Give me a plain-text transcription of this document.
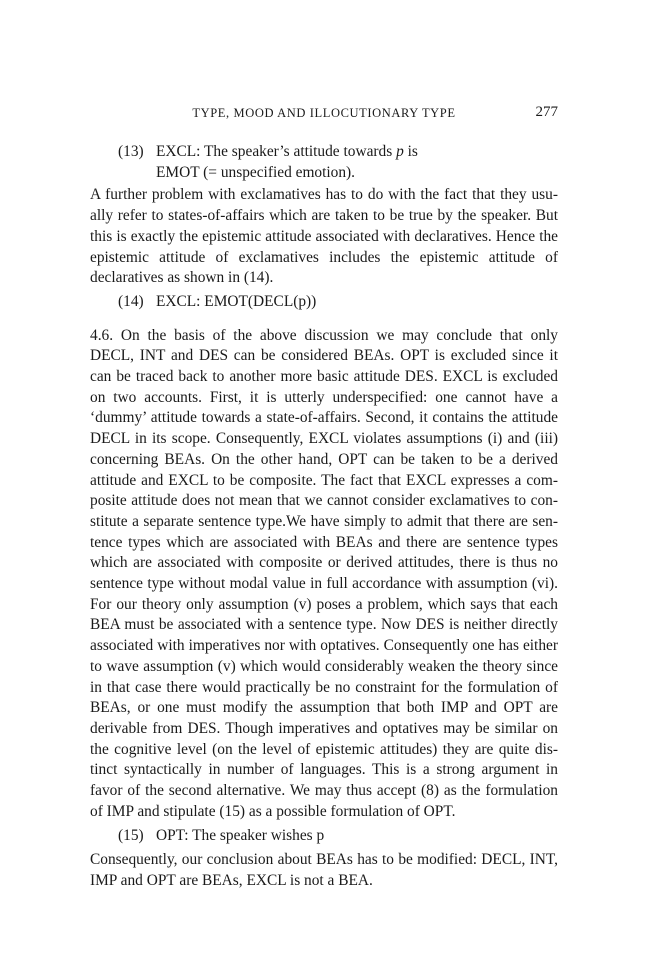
TYPE, MOOD AND ILLOCUTIONARY TYPE	277
(13) EXCL: The speaker’s attitude towards p is
EMOT (= unspecified emotion).

A further problem with exclamatives has to do with the fact that they usually refer to states-of-affairs which are taken to be true by the speaker. But this is exactly the epistemic attitude associated with declaratives. Hence the epistemic attitude of exclamatives includes the epistemic attitude of declaratives as shown in (14).

(14) EXCL: EMOT(DECL(p))

4.6. On the basis of the above discussion we may conclude that only DECL, INT and DES can be considered BEAs. OPT is excluded since it can be traced back to another more basic attitude DES. EXCL is excluded on two accounts. First, it is utterly underspecified: one cannot have a ‘dummy’ attitude towards a state-of-affairs. Second, it contains the attitude DECL in its scope. Consequently, EXCL violates assumptions (i) and (iii) concerning BEAs. On the other hand, OPT can be taken to be a derived attitude and EXCL to be composite. The fact that EXCL expresses a composite attitude does not mean that we cannot consider exclamatives to constitute a separate sentence type.We have simply to admit that there are sentence types which are associated with BEAs and there are sentence types which are associated with composite or derived attitudes, there is thus no sentence type without modal value in full accordance with assumption (vi). For our theory only assumption (v) poses a problem, which says that each BEA must be associated with a sentence type. Now DES is neither directly associated with imperatives nor with optatives. Consequently one has either to wave assumption (v) which would considerably weaken the theory since in that case there would practically be no constraint for the formulation of BEAs, or one must modify the assumption that both IMP and OPT are derivable from DES. Though imperatives and optatives may be similar on the cognitive level (on the level of epistemic attitudes) they are quite distinct syntactically in number of languages. This is a strong argument in favor of the second alternative. We may thus accept (8) as the formulation of IMP and stipulate (15) as a possible formulation of OPT.

(15) OPT: The speaker wishes p

Consequently, our conclusion about BEAs has to be modified: DECL, INT, IMP and OPT are BEAs, EXCL is not a BEA.
